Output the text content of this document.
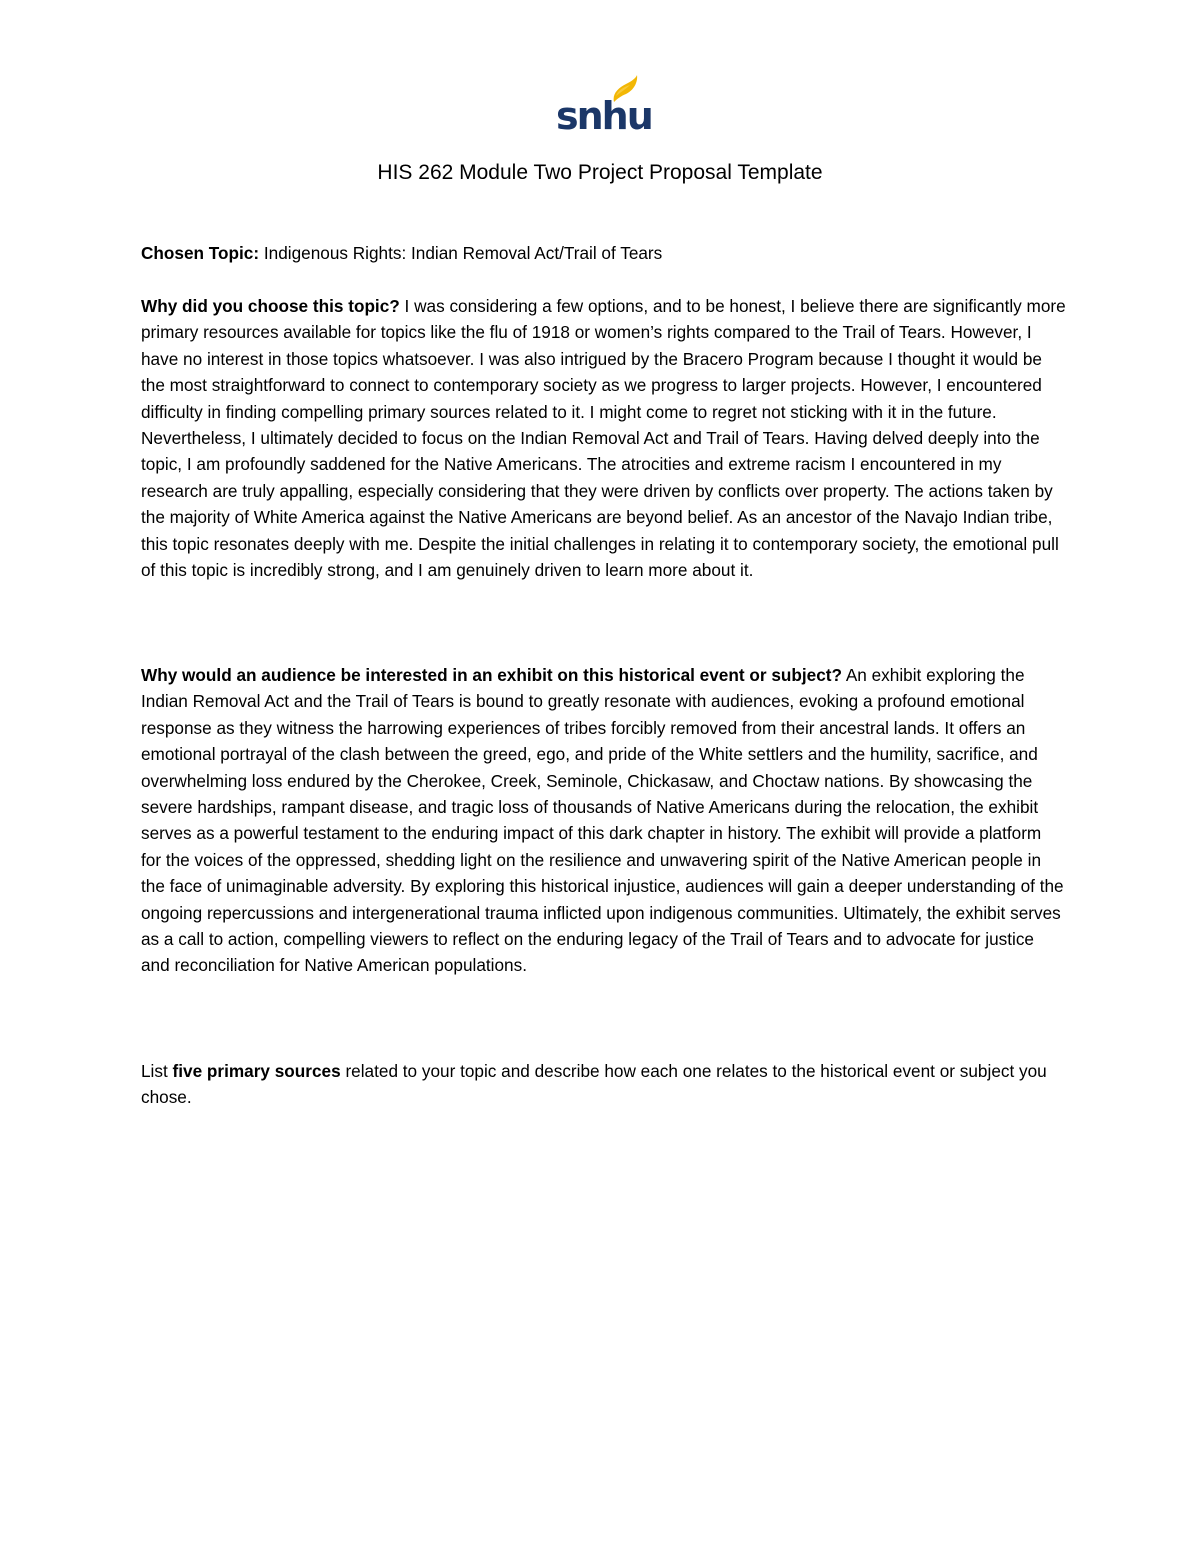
snhu
HIS 262 Module Two Project Proposal Template

Chosen Topic: Indigenous Rights: Indian Removal Act/Trail of Tears

Why did you choose this topic? I was considering a few options, and to be honest, I believe there are significantly more primary resources available for topics like the flu of 1918 or women’s rights compared to the Trail of Tears. However, I have no interest in those topics whatsoever. I was also intrigued by the Bracero Program because I thought it would be the most straightforward to connect to contemporary society as we progress to larger projects. However, I encountered difficulty in finding compelling primary sources related to it. I might come to regret not sticking with it in the future. Nevertheless, I ultimately decided to focus on the Indian Removal Act and Trail of Tears. Having delved deeply into the topic, I am profoundly saddened for the Native Americans. The atrocities and extreme racism I encountered in my research are truly appalling, especially considering that they were driven by conflicts over property. The actions taken by the majority of White America against the Native Americans are beyond belief. As an ancestor of the Navajo Indian tribe, this topic resonates deeply with me. Despite the initial challenges in relating it to contemporary society, the emotional pull of this topic is incredibly strong, and I am genuinely driven to learn more about it.

Why would an audience be interested in an exhibit on this historical event or subject? An exhibit exploring the Indian Removal Act and the Trail of Tears is bound to greatly resonate with audiences, evoking a profound emotional response as they witness the harrowing experiences of tribes forcibly removed from their ancestral lands. It offers an emotional portrayal of the clash between the greed, ego, and pride of the White settlers and the humility, sacrifice, and overwhelming loss endured by the Cherokee, Creek, Seminole, Chickasaw, and Choctaw nations. By showcasing the severe hardships, rampant disease, and tragic loss of thousands of Native Americans during the relocation, the exhibit serves as a powerful testament to the enduring impact of this dark chapter in history. The exhibit will provide a platform for the voices of the oppressed, shedding light on the resilience and unwavering spirit of the Native American people in the face of unimaginable adversity. By exploring this historical injustice, audiences will gain a deeper understanding of the ongoing repercussions and intergenerational trauma inflicted upon indigenous communities. Ultimately, the exhibit serves as a call to action, compelling viewers to reflect on the enduring legacy of the Trail of Tears and to advocate for justice and reconciliation for Native American populations.

List five primary sources related to your topic and describe how each one relates to the historical event or subject you chose.
